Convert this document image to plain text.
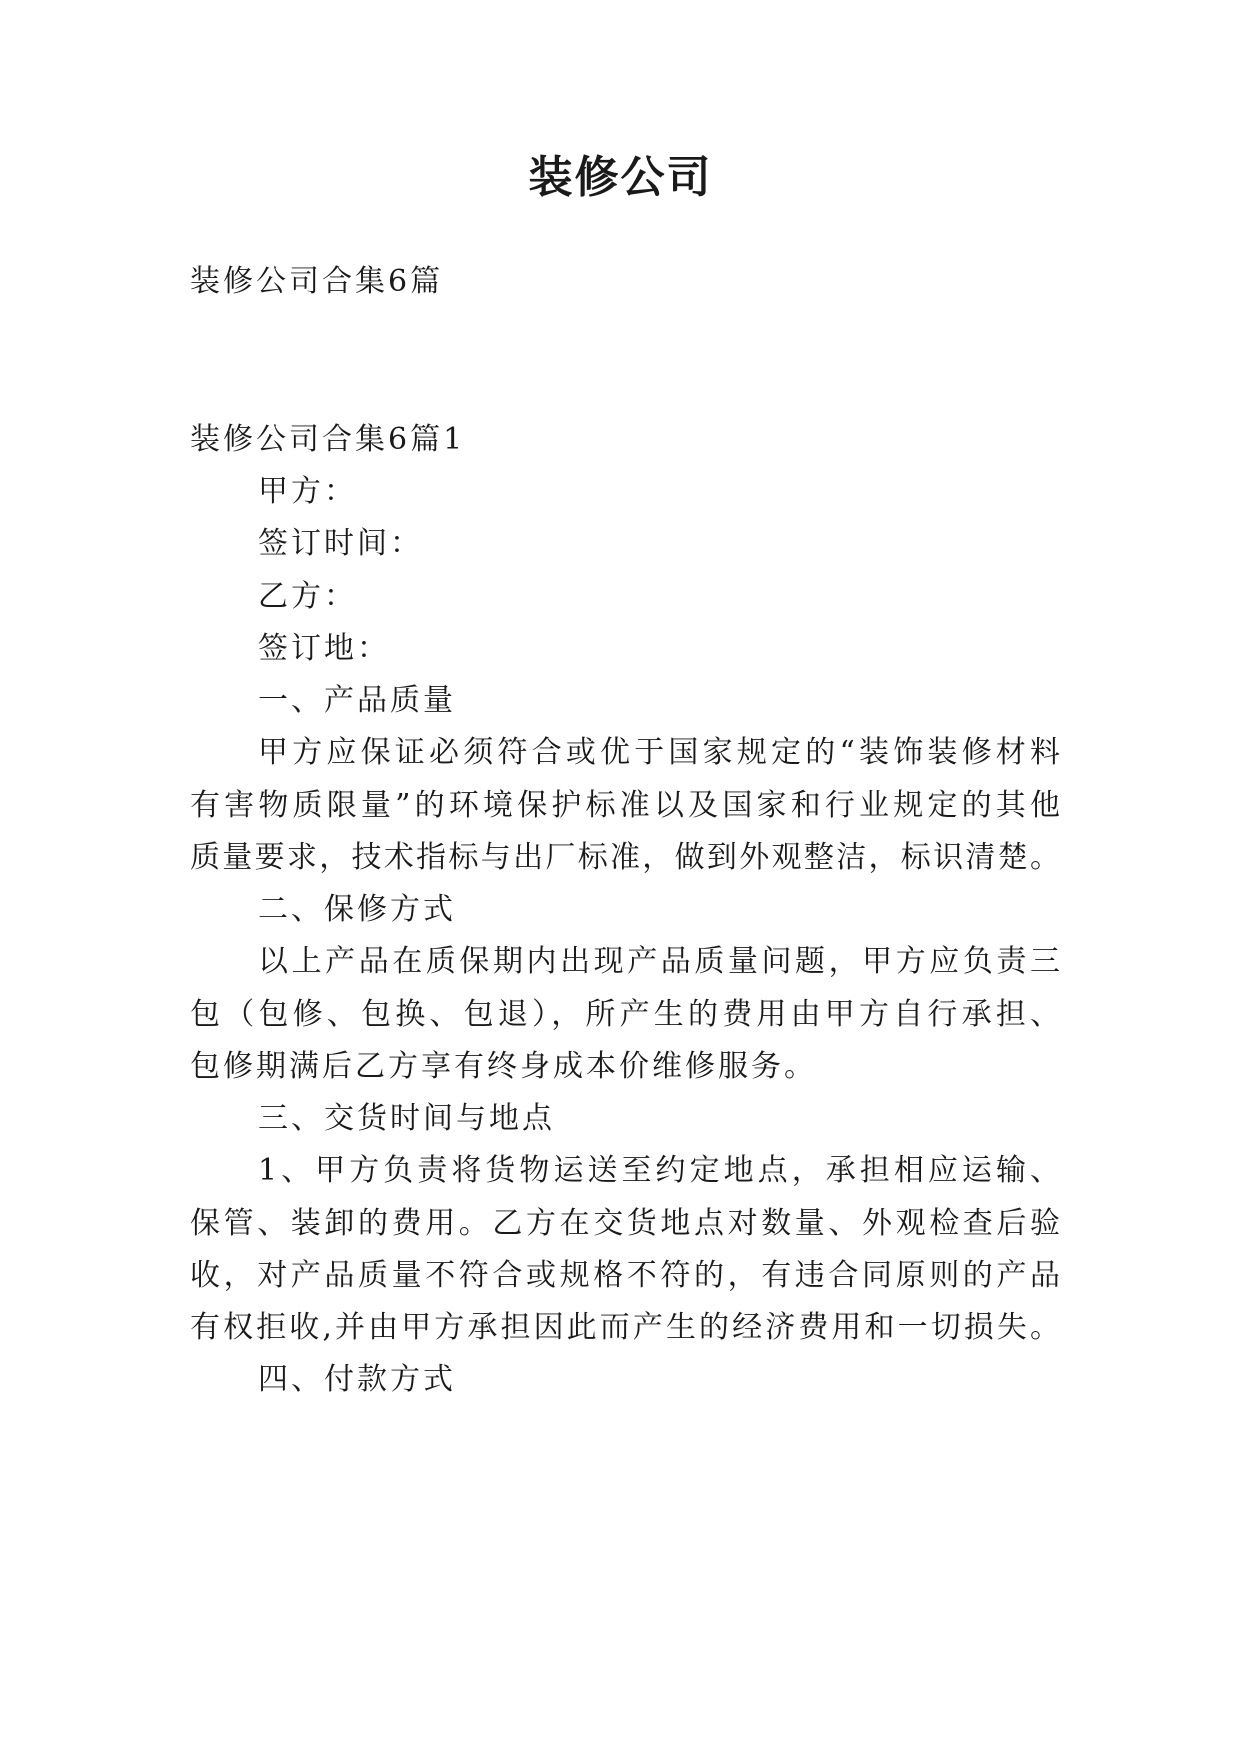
装修公司

装修公司合集6篇

装修公司合集6篇1

甲方：

签订时间：

乙方：

签订地：

一、产品质量

甲方应保证必须符合或优于国家规定的“装饰装修材料

有害物质限量”的环境保护标准以及国家和行业规定的其他

质量要求，技术指标与出厂标准，做到外观整洁，标识清楚。

二、保修方式

以上产品在质保期内出现产品质量问题，甲方应负责三

包（包修、包换、包退），所产生的费用由甲方自行承担、

包修期满后乙方享有终身成本价维修服务。

三、交货时间与地点

1、甲方负责将货物运送至约定地点，承担相应运输、

保管、装卸的费用。乙方在交货地点对数量、外观检查后验

收，对产品质量不符合或规格不符的，有违合同原则的产品

有权拒收,并由甲方承担因此而产生的经济费用和一切损失。

四、付款方式
